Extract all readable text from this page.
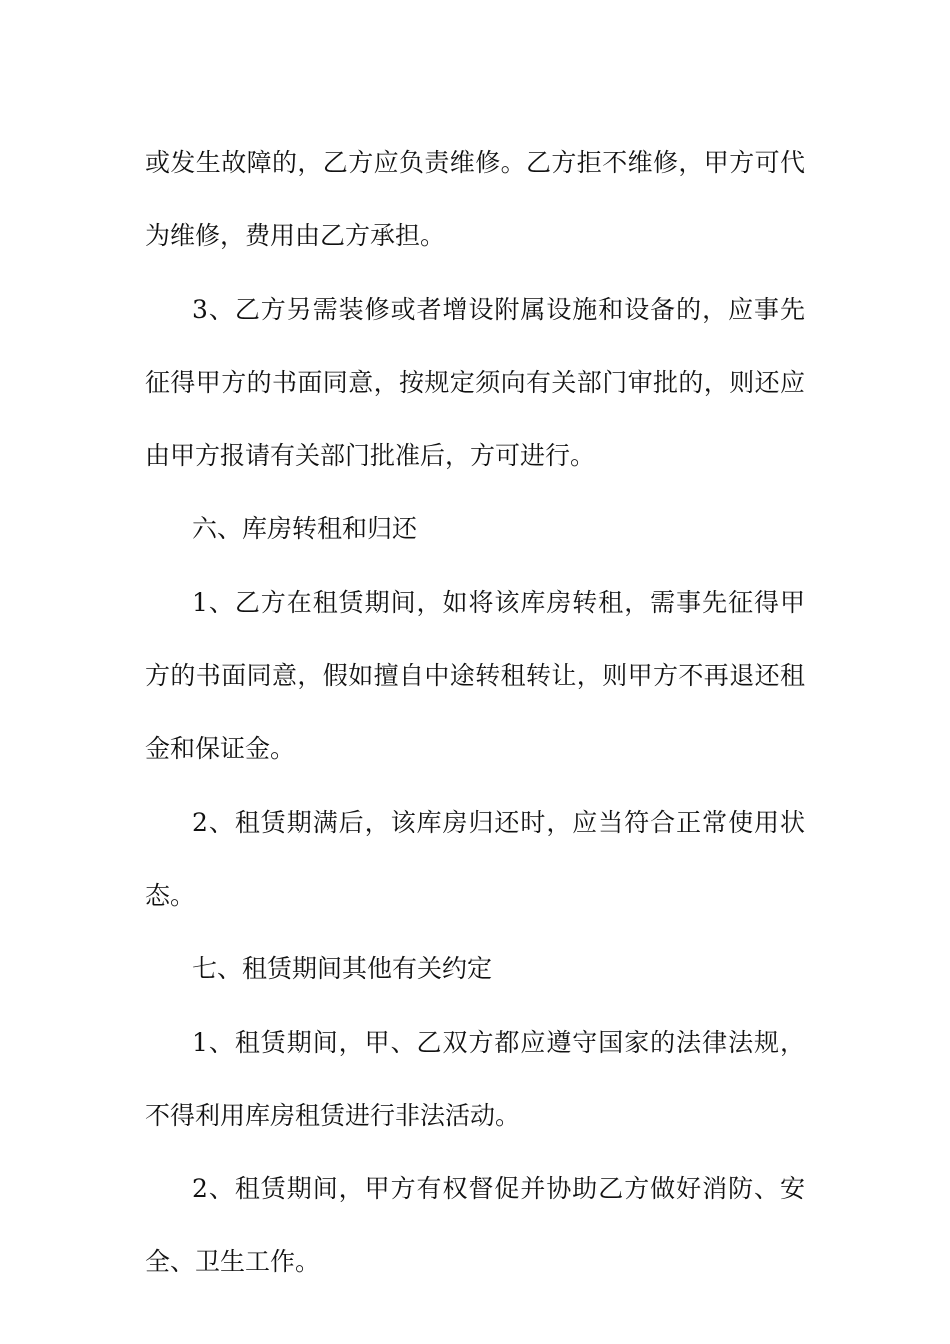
或发生故障的，乙方应负责维修。乙方拒不维修，甲方可代为维修，费用由乙方承担。

3、乙方另需装修或者增设附属设施和设备的，应事先征得甲方的书面同意，按规定须向有关部门审批的，则还应由甲方报请有关部门批准后，方可进行。

六、库房转租和归还

1、乙方在租赁期间，如将该库房转租，需事先征得甲方的书面同意，假如擅自中途转租转让，则甲方不再退还租金和保证金。

2、租赁期满后，该库房归还时，应当符合正常使用状态。

七、租赁期间其他有关约定

1、租赁期间，甲、乙双方都应遵守国家的法律法规，不得利用库房租赁进行非法活动。

2、租赁期间，甲方有权督促并协助乙方做好消防、安全、卫生工作。
